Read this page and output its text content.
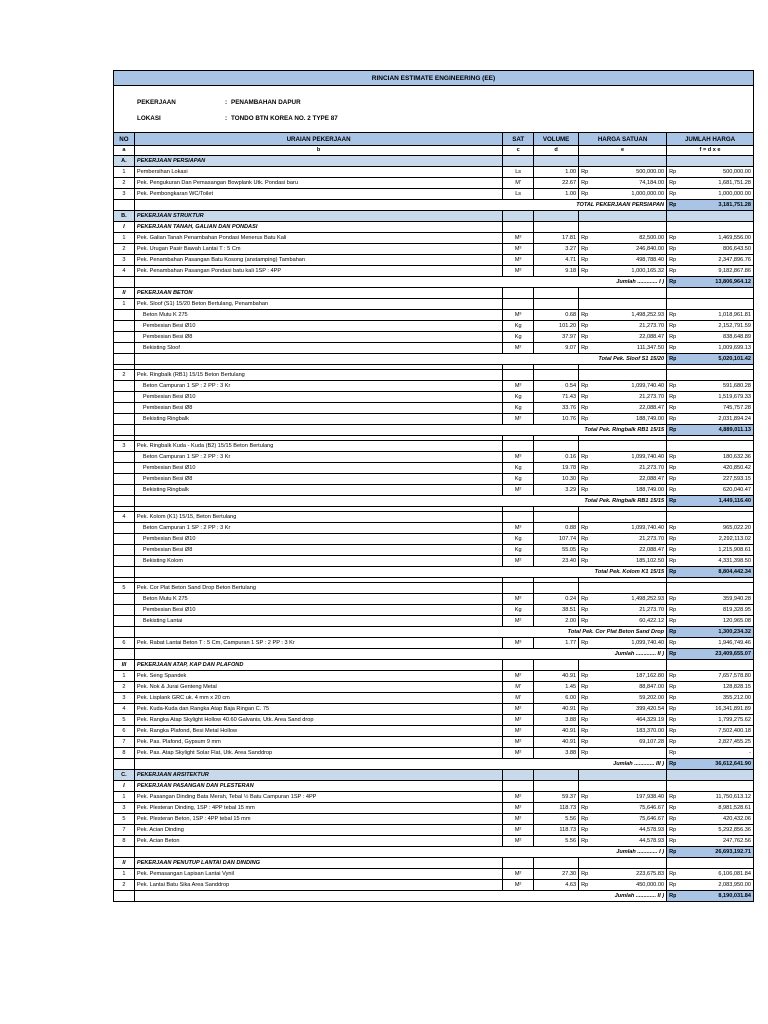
RINCIAN ESTIMATE ENGINEERING (EE)
PEKERJAAN	: PENAMBAHAN DAPUR
LOKASI	: TONDO BTN KOREA NO. 2 TYPE 87
NO	URAIAN PEKERJAAN	SAT	VOLUME	HARGA SATUAN		JUMLAH HARGA	
a	b	c	d	e		f = d x e	
A.	PEKERJAAN PERSIAPAN						
1	Pembersihan Lokasi	Ls	1.00	Rp	500,000.00	Rp	500,000.00
2	Pek. Pengukuran Dan Pemasangan Bowplank Utk. Pondasi baru	M'	22.67	Rp	74,184.00	Rp	1,681,751.28
3	Pek. Pembongkaran WC/Toilet	Ls	1.00	Rp	1,000,000.00	Rp	1,000,000.00
	TOTAL PEKERJAAN PERSIAPAN					Rp	3,181,751.28
B.	PEKERJAAN STRUKTUR						
I	PEKERJAAN TANAH, GALIAN DAN PONDASI						
1	Pek. Galian Tanah Penambahan Pondasi Menerus Batu Kali	M³	17.81	Rp	82,500.00	Rp	1,469,556.00
2	Pek. Urugan Pasir Bawah Lantai T : 5 Cm	M³	3.27	Rp	246,840.00	Rp	806,643.50
3	Pek. Penambahan Pasangan Batu Kosong (anstamping) Tambahan	M³	4.71	Rp	498,788.40	Rp	2,347,896.76
4	Pek. Penambahan Pasangan Pondasi batu kali 1SP : 4PP	M³	9.18	Rp	1,000,165.32	Rp	9,182,867.86
	Jumlah ............. I )					Rp	13,806,964.12
II	PEKERJAAN BETON						
1	Pek. Sloof (S1) 15/20 Beton Bertulang, Penambahan						
	Beton Mutu K 275	M³	0.68	Rp	1,498,252.93	Rp	1,018,961.81
	Pembesian Besi Ø10	Kg	101.20	Rp	21,273.70	Rp	2,152,791.59
	Pembesian Besi Ø8	Kg	37.97	Rp	22,088.47	Rp	838,648.89
	Bekisting Sloof	M²	9.07	Rp	111,347.50	Rp	1,009,699.13
	Total Pek. Sloof S1 15/20					Rp	5,020,101.42

2	Pek. Ringbalk (RB1) 15/15 Beton Bertulang						
	Beton Campuran 1 SP : 2 PP : 3 Kr	M³	0.54	Rp	1,099,740.40	Rp	591,680.28
	Pembesian Besi Ø10	Kg	71.43	Rp	21,273.70	Rp	1,519,679.33
	Pembesian Besi Ø8	Kg	33.76	Rp	22,088.47	Rp	745,757.28
	Bekisting Ringbalk	M²	10.76	Rp	188,749.00	Rp	2,031,894.24
	Total Pek. Ringbalk RB1 15/15					Rp	4,889,011.13

3	Pek. Ringbalk Kuda - Kuda (B2) 15/15 Beton Bertulang						
	Beton Campuran 1 SP : 2 PP : 3 Kr	M³	0.16	Rp	1,099,740.40	Rp	180,632.36
	Pembesian Besi Ø10	Kg	19.78	Rp	21,273.70	Rp	420,850.42
	Pembesian Besi Ø8	Kg	10.30	Rp	22,088.47	Rp	227,593.15
	Bekisting Ringbalk	M²	3.29	Rp	188,749.00	Rp	620,040.47
	Total Pek. Ringbalk RB1 15/15					Rp	1,449,116.40

4	Pek. Kolom (K1) 15/15, Beton Bertulang						
	Beton Campuran 1 SP : 2 PP : 3 Kr	M³	0.88	Rp	1,099,740.40	Rp	965,022.20
	Pembesian Besi Ø10	Kg	107.74	Rp	21,273.70	Rp	2,292,113.02
	Pembesian Besi Ø8	Kg	55.05	Rp	22,088.47	Rp	1,215,908.61
	Bekisting Kolom	M²	23.40	Rp	185,102.50	Rp	4,331,398.50
	Total Pek. Kolom K1 15/15					Rp	8,804,442.34

5	Pek. Cor Plat Beton Sand Drop Beton Bertulang						
	Beton Mutu K 275	M³	0.24	Rp	1,498,252.93	Rp	359,940.28
	Pembesian Besi Ø10	Kg	38.51	Rp	21,273.70	Rp	819,328.95
	Bekisting Lantai	M²	2.00	Rp	60,422.12	Rp	120,965.08
	Total Pek. Cor Plat Beton Sand Drop					Rp	1,300,234.32
6	Pek. Rabat Lantai Beton T : 5 Cm, Campuran 1 SP : 2 PP : 3 Kr	M³	1.77	Rp	1,099,740.40	Rp	1,946,749.46
	Jumlah ............. II )					Rp	23,409,655.07
III	PEKERJAAN ATAP, KAP DAN PLAFOND						
1	Pek. Seng Spandek	M²	40.91	Rp	187,162.80	Rp	7,657,578.80
2	Pek. Nok & Jurai Genteng Metal	M'	1.45	Rp	88,847.00	Rp	128,828.15
3	Pek. Lisplank GRC uk. 4 mm x 20 cm	M'	6.00	Rp	59,202.00	Rp	355,212.00
4	Pek. Kuda-Kuda dan Rangka Atap Baja Ringan C. 75	M²	40.91	Rp	399,420.54	Rp	16,341,891.89
5	Pek. Rangka Atap Skylight Hollow 40.60 Galvanis, Utk. Area Sand drop	M²	3.88	Rp	464,329.19	Rp	1,799,275.62
6	Pek. Rangka Plafond, Besi Metal Hollow	M²	40.91	Rp	183,370.00	Rp	7,502,400.18
7	Pek. Pas. Plafond, Gypsum 9 mm	M²	40.91	Rp	69,107.28	Rp	2,827,455.25
8	Pek. Pas. Atap Skylight Solar Flat, Utk. Area Sanddrop	M²	3.88	Rp		Rp	-
	Jumlah ............. III )					Rp	36,612,641.90
C.	PEKERJAAN ARSITEKTUR						
I	PEKERJAAN PASANGAN DAN PLESTERAN						
1	Pek. Pasangan Dinding Bata Merah, Tebal ½ Batu Campuran 1SP : 4PP	M²	59.37	Rp	197,938.40	Rp	11,750,613.12
3	Pek. Plesteran Dinding, 1SP : 4PP tebal 15 mm	M²	118.73	Rp	75,646.67	Rp	8,981,528.61
5	Pek. Plesteran Beton, 1SP : 4PP tebal 15 mm	M²	5.56	Rp	75,646.67	Rp	420,432.06
7	Pek. Acian Dinding	M²	118.73	Rp	44,578.93	Rp	5,292,856.36
8	Pek. Acian Beton	M²	5.56	Rp	44,578.93	Rp	247,762.56
	Jumlah ............. I )					Rp	26,693,192.71
II	PEKERJAAN PENUTUP LANTAI DAN DINDING						
1	Pek. Pemasangan Lapisan Lantai Vynil	M²	27.30	Rp	223,675.83	Rp	6,106,081.84
2	Pek. Lantai Batu Sika Area Sanddrop	M²	4.63	Rp	450,000.00	Rp	2,083,950.00
	Jumlah ............. II )					Rp	8,190,031.84
